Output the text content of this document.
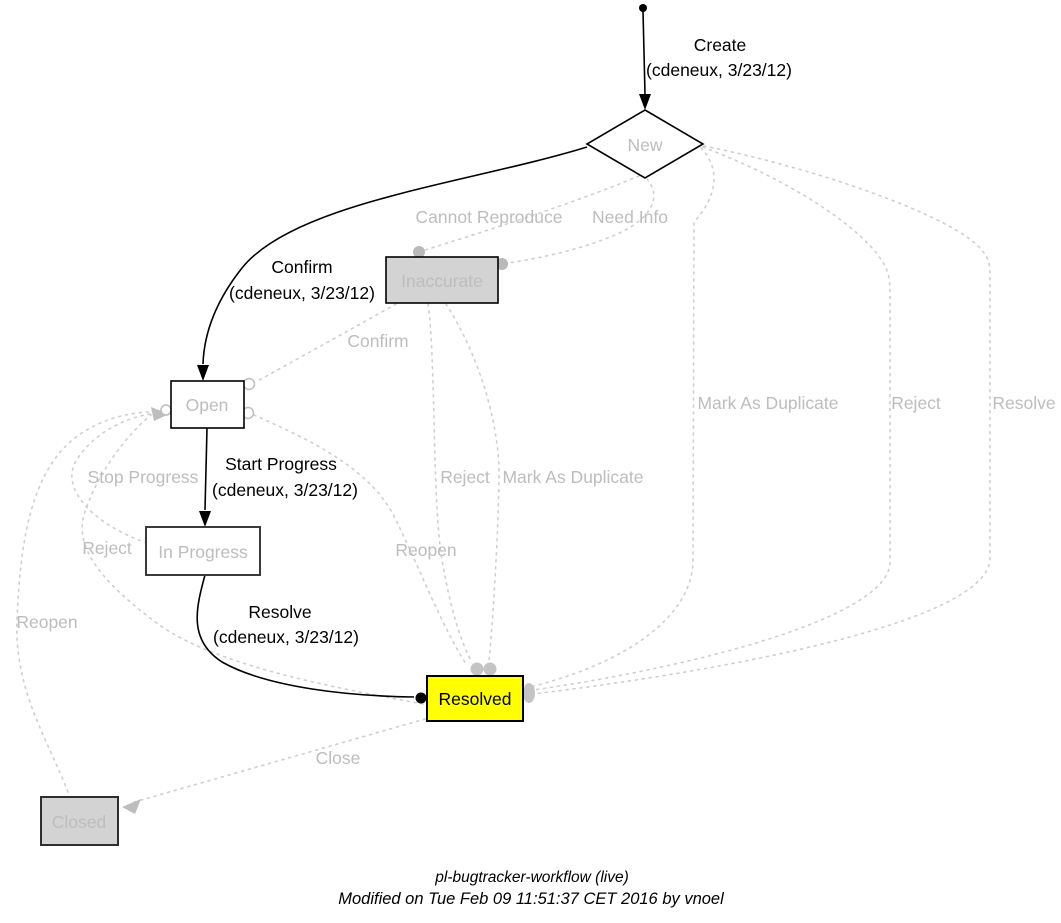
New
Inaccurate
Open
In Progress
Resolved
Closed
Cannot Reproduce Need Info
Confirm
Mark As Duplicate	Reject	Resolve
Reject Mark As Duplicate
Reopen
Stop Progress
Reject
Reopen
Close
Create
(cdeneux, 3/23/12)
Confirm
(cdeneux, 3/23/12)
Start Progress
(cdeneux, 3/23/12)
Resolve
(cdeneux, 3/23/12)
pl-bugtracker-workflow (live)
Modified on Tue Feb 09 11:51:37 CET 2016 by vnoel
